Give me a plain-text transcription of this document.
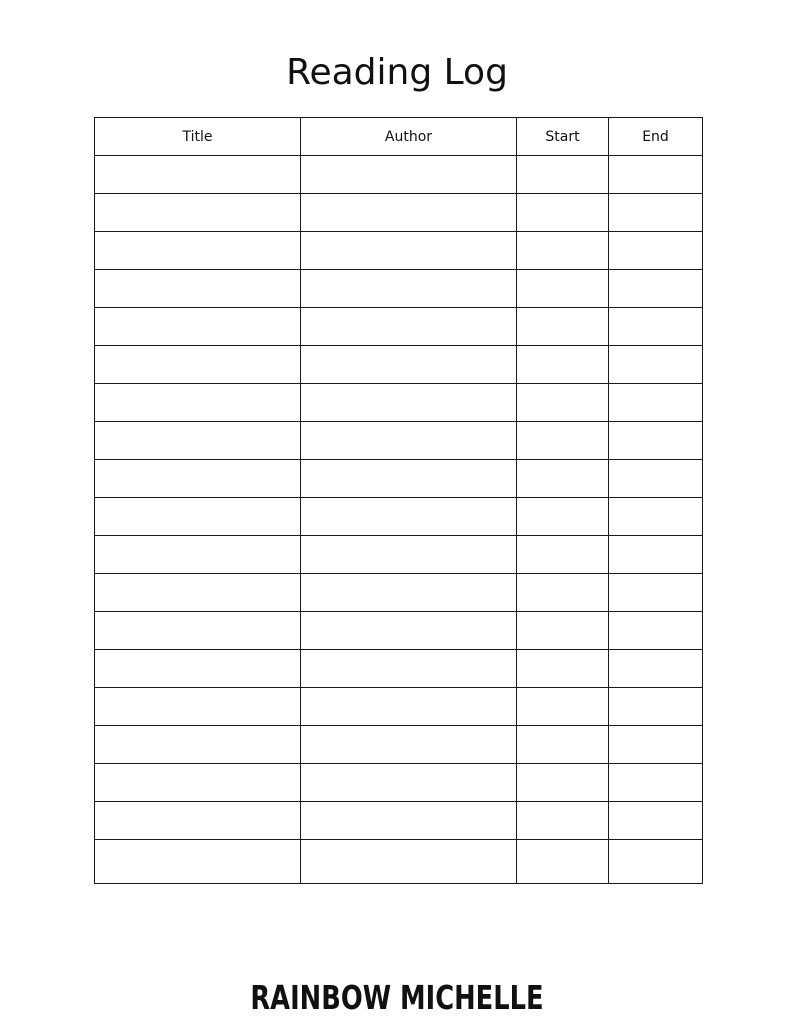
Reading Log
Title	Author	Start	End

RAINBOW MICHELLE
